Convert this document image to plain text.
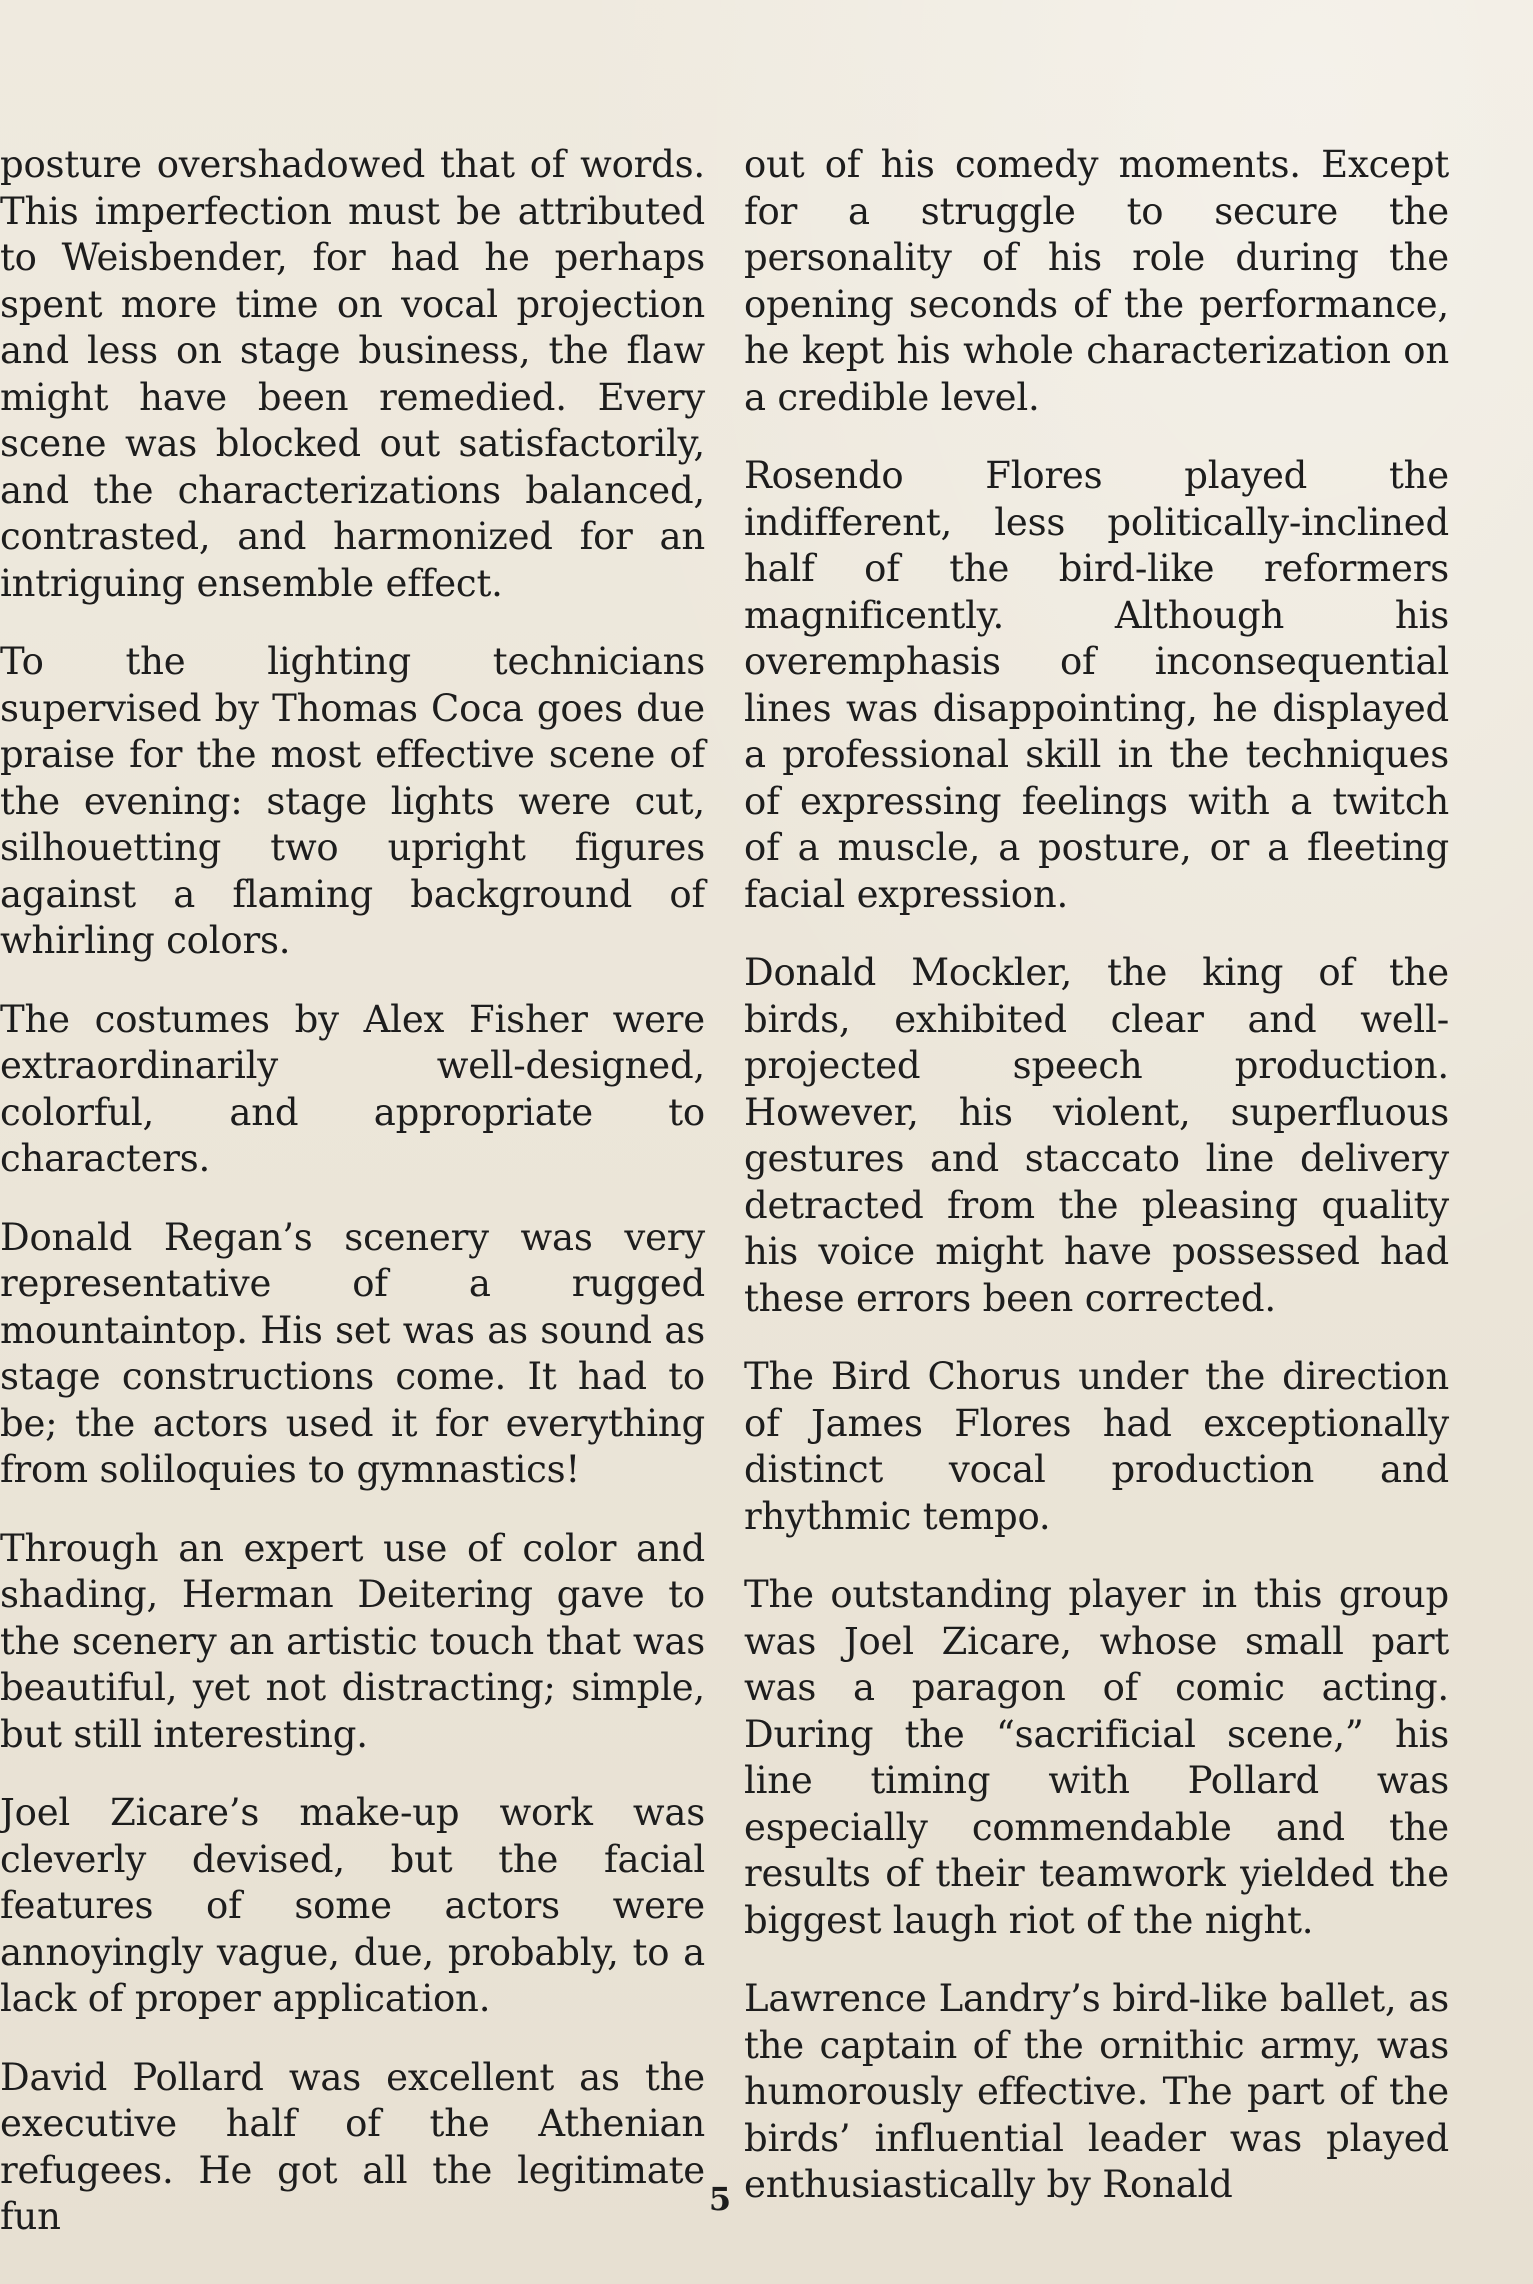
posture overshadowed that of words. This imperfection must be attributed to Weisbender, for had he perhaps spent more time on vocal projection and less on stage business, the flaw might have been remedied. Every scene was blocked out satisfactorily, and the characterizations balanced, contrasted, and harmonized for an intriguing ensemble effect.

To the lighting technicians supervised by Thomas Coca goes due praise for the most effective scene of the evening: stage lights were cut, silhouetting two upright figures against a flaming background of whirling colors.

The costumes by Alex Fisher were extraordinarily well-designed, colorful, and appropriate to characters.

Donald Regan’s scenery was very representative of a rugged mountaintop. His set was as sound as stage constructions come. It had to be; the actors used it for everything from soliloquies to gymnastics!

Through an expert use of color and shading, Herman Deitering gave to the scenery an artistic touch that was beautiful, yet not distracting; simple, but still interesting.

Joel Zicare’s make-up work was cleverly devised, but the facial features of some actors were annoyingly vague, due, probably, to a lack of proper application.

David Pollard was excellent as the executive half of the Athenian refugees. He got all the legitimate fun

out of his comedy moments. Except for a struggle to secure the personality of his role during the opening seconds of the performance, he kept his whole characterization on a credible level.

Rosendo Flores played the indifferent, less politically-inclined half of the bird-like reformers magnificently. Although his overemphasis of inconsequential lines was disappointing, he displayed a professional skill in the techniques of expressing feelings with a twitch of a muscle, a posture, or a fleeting facial expression.

Donald Mockler, the king of the birds, exhibited clear and well-projected speech production. However, his violent, superfluous gestures and staccato line delivery detracted from the pleasing quality his voice might have possessed had these errors been corrected.

The Bird Chorus under the direction of James Flores had exceptionally distinct vocal production and rhythmic tempo.

The outstanding player in this group was Joel Zicare, whose small part was a paragon of comic acting. During the “sacrificial scene,” his line timing with Pollard was especially commendable and the results of their teamwork yielded the biggest laugh riot of the night.

Lawrence Landry’s bird-like ballet, as the captain of the ornithic army, was humorously effective. The part of the birds’ influential leader was played enthusiastically by Ronald

5
